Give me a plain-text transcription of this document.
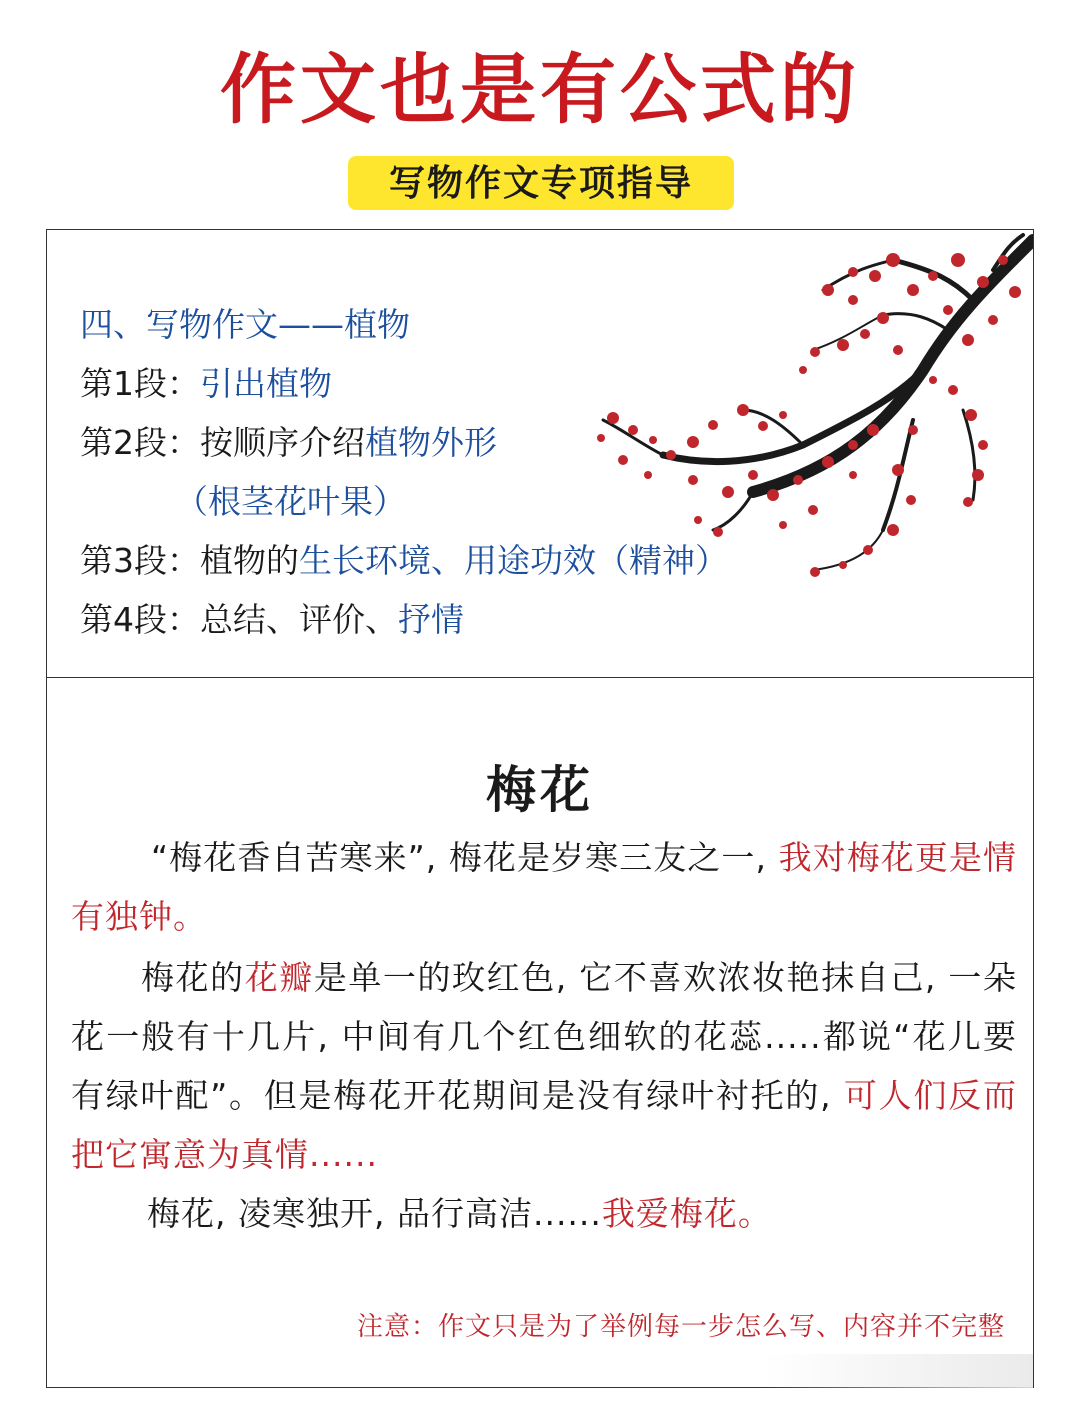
作文也是有公式的
写物作文专项指导
四、写物作文——植物
第1段：引出植物
第2段：按顺序介绍植物外形
（根茎花叶果）
第3段：植物的生长环境、用途功效（精神）
第4段：总结、评价、抒情
梅花
“梅花香自苦寒来”, 梅花是岁寒三友之一, 我对梅花更是情有独钟。
梅花的花瓣是单一的玫红色, 它不喜欢浓妆艳抹自己, 一朵花一般有十几片, 中间有几个红色细软的花蕊.....都说“花儿要有绿叶配”。但是梅花开花期间是没有绿叶衬托的, 可人们反而把它寓意为真情......
梅花, 凌寒独开, 品行高洁......我爱梅花。
注意：作文只是为了举例每一步怎么写、内容并不完整
